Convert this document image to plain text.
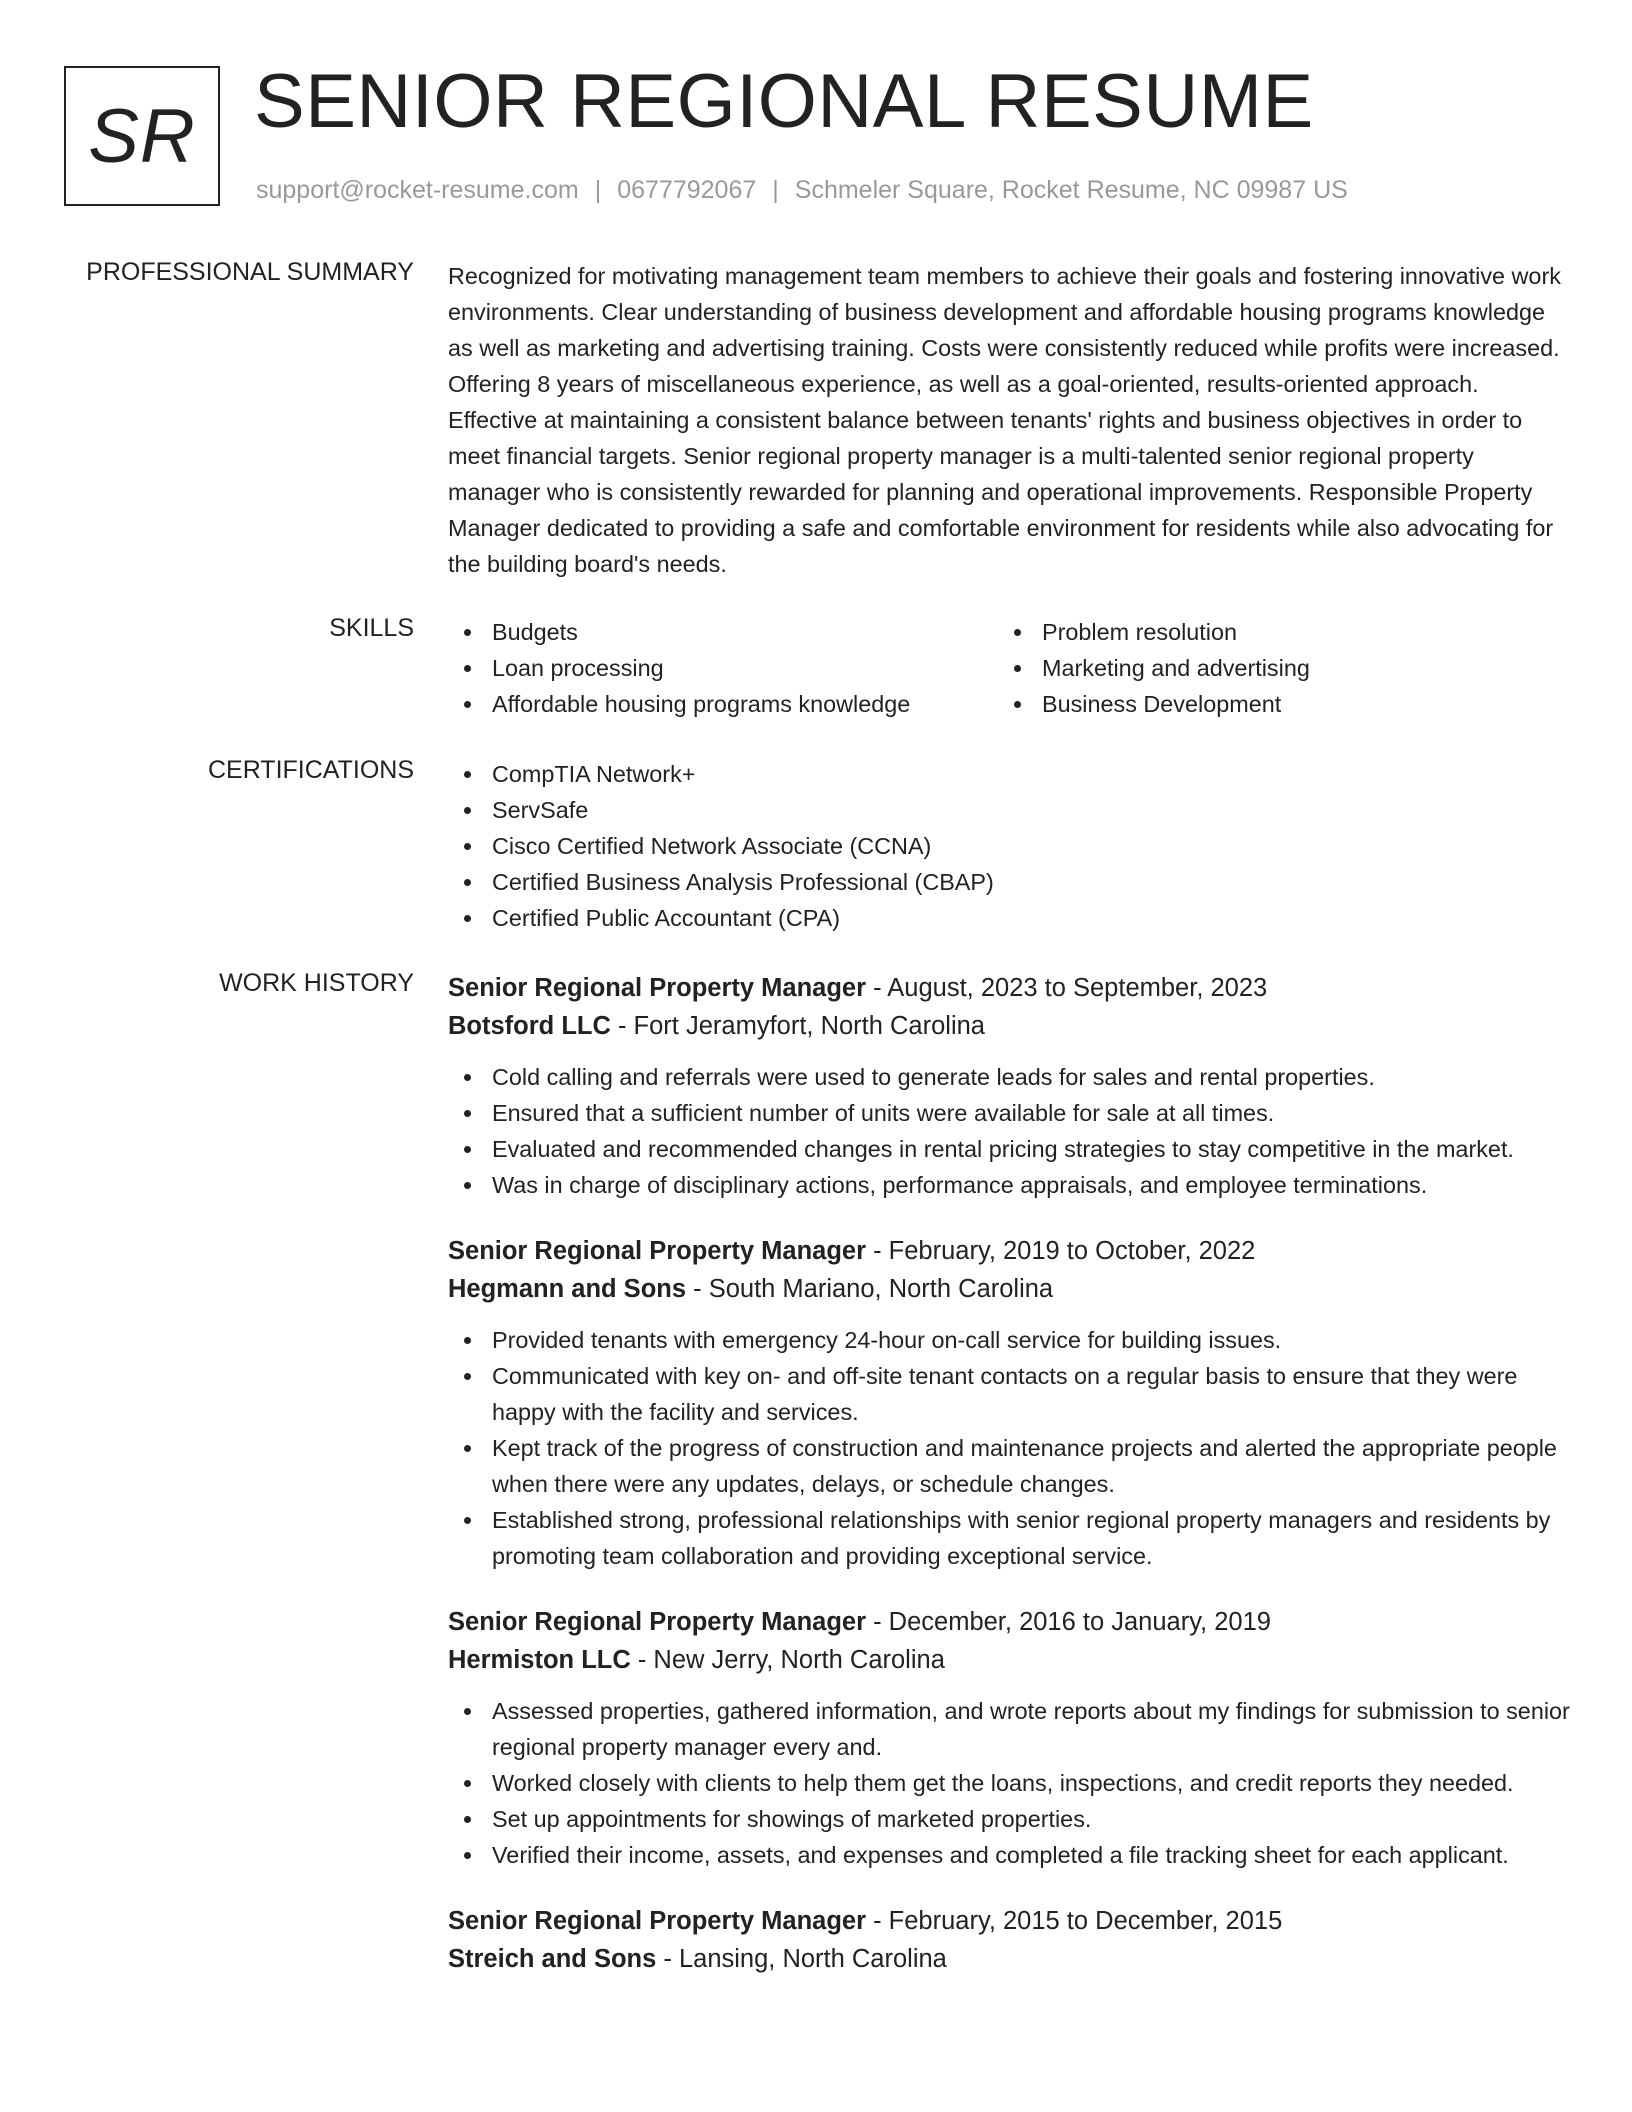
SR SENIOR REGIONAL RESUME
support@rocket-resume.com | 0677792067 | Schmeler Square, Rocket Resume, NC 09987 US
PROFESSIONAL SUMMARY Recognized for motivating management team members to achieve their goals and fostering innovative work environments. Clear understanding of business development and affordable housing programs knowledge as well as marketing and advertising training. Costs were consistently reduced while profits were increased. Offering 8 years of miscellaneous experience, as well as a goal-oriented, results-oriented approach. Effective at maintaining a consistent balance between tenants' rights and business objectives in order to meet financial targets. Senior regional property manager is a multi-talented senior regional property manager who is consistently rewarded for planning and operational improvements. Responsible Property Manager dedicated to providing a safe and comfortable environment for residents while also advocating for the building board's needs.
SKILLS	Budgets
Loan processing
Affordable housing programs knowledge
Problem resolution
Marketing and advertising
Business Development
CERTIFICATIONS	CompTIA Network+
ServSafe
Cisco Certified Network Associate (CCNA)
Certified Business Analysis Professional (CBAP)
Certified Public Accountant (CPA)
WORK HISTORY Senior Regional Property Manager - August, 2023 to September, 2023
Botsford LLC - Fort Jeramyfort, North Carolina
Cold calling and referrals were used to generate leads for sales and rental properties.
Ensured that a sufficient number of units were available for sale at all times.
Evaluated and recommended changes in rental pricing strategies to stay competitive in the market.
Was in charge of disciplinary actions, performance appraisals, and employee terminations.
Senior Regional Property Manager - February, 2019 to October, 2022
Hegmann and Sons - South Mariano, North Carolina
Provided tenants with emergency 24-hour on-call service for building issues.
Communicated with key on- and off-site tenant contacts on a regular basis to ensure that they were happy with the facility and services.
Kept track of the progress of construction and maintenance projects and alerted the appropriate people when there were any updates, delays, or schedule changes.
Established strong, professional relationships with senior regional property managers and residents by promoting team collaboration and providing exceptional service.
Senior Regional Property Manager - December, 2016 to January, 2019
Hermiston LLC - New Jerry, North Carolina
Assessed properties, gathered information, and wrote reports about my findings for submission to senior regional property manager every and.
Worked closely with clients to help them get the loans, inspections, and credit reports they needed.
Set up appointments for showings of marketed properties.
Verified their income, assets, and expenses and completed a file tracking sheet for each applicant.
Senior Regional Property Manager - February, 2015 to December, 2015
Streich and Sons - Lansing, North Carolina
